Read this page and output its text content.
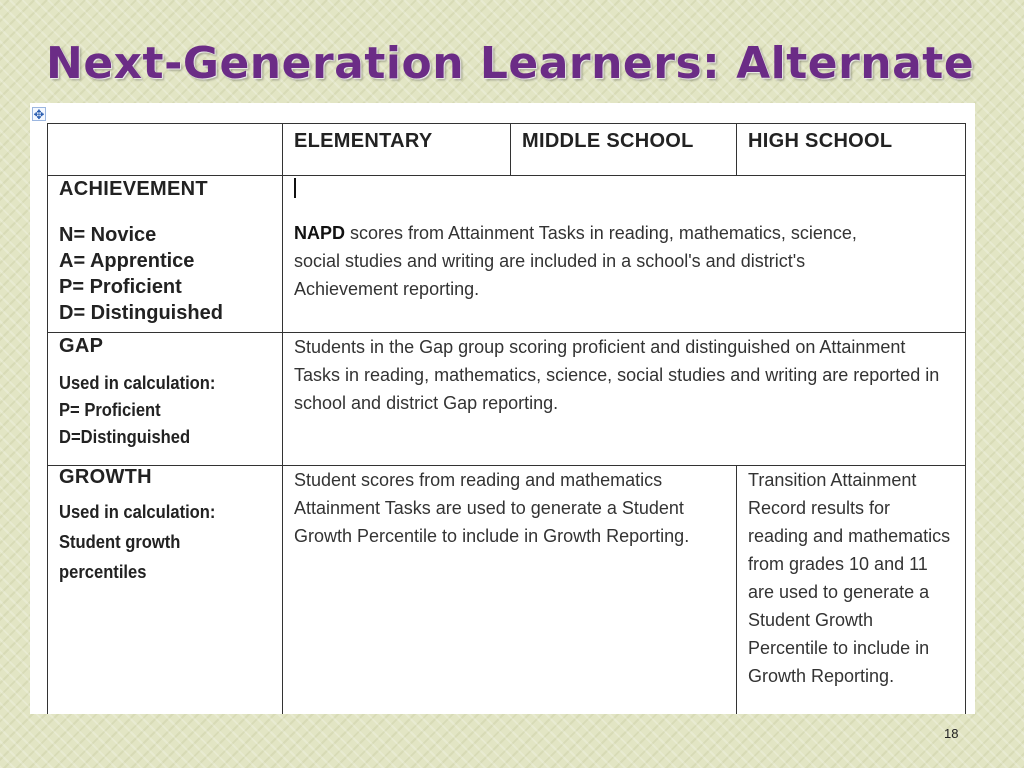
Next-Generation Learners: Alternate
✥
	ELEMENTARY	MIDDLE SCHOOL	HIGH SCHOOL

ACHIEVEMENT
N= Novice
A= Apprentice
P= Proficient
D= Distinguished	NAPD scores from Attainment Tasks in reading, mathematics, science, social studies and writing are included in a school's and district's Achievement reporting.		

GAP
Used in calculation:
P= Proficient
D=Distinguished	Students in the Gap group scoring proficient and distinguished on Attainment Tasks in reading, mathematics, science, social studies and writing are reported in school and district Gap reporting.		

GROWTH
Used in calculation:
Student growth
percentiles	Student scores from reading and mathematics Attainment Tasks are used to generate a Student Growth Percentile to include in Growth Reporting.		Transition Attainment Record results for reading and mathematics from grades 10 and 11 are used to generate a Student Growth Percentile to include in Growth Reporting.
18
